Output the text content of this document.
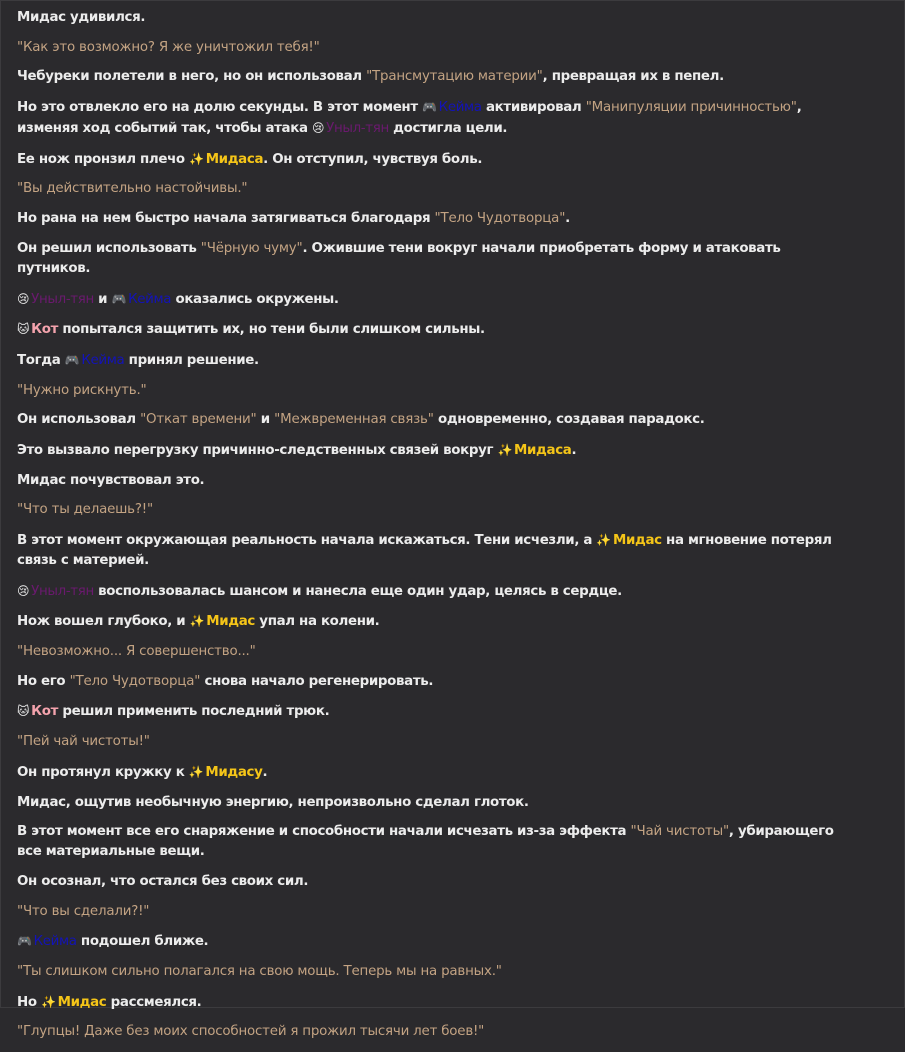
Мидас удивился.

"Как это возможно? Я же уничтожил тебя!"

Чебуреки полетели в него, но он использовал "Трансмутацию материи", превращая их в пепел.

Но это отвлекло его на долю секунды. В этот момент 🎮 Кейма активировал "Манипуляции причинностью", изменяя ход событий так, чтобы атака 😢 Уныл-тян достигла цели.

Ее нож пронзил плечо ✨ Мидаса. Он отступил, чувствуя боль.

"Вы действительно настойчивы."

Но рана на нем быстро начала затягиваться благодаря "Тело Чудотворца".

Он решил использовать "Чёрную чуму". Ожившие тени вокруг начали приобретать форму и атаковать путников.

😢 Уныл-тян и 🎮 Кейма оказались окружены.

🐱 Кот попытался защитить их, но тени были слишком сильны.

Тогда 🎮 Кейма принял решение.

"Нужно рискнуть."

Он использовал "Откат времени" и "Межвременная связь" одновременно, создавая парадокс.

Это вызвало перегрузку причинно-следственных связей вокруг ✨ Мидаса.

Мидас почувствовал это.

"Что ты делаешь?!"

В этот момент окружающая реальность начала искажаться. Тени исчезли, а ✨ Мидас на мгновение потерял связь с материей.

😢 Уныл-тян воспользовалась шансом и нанесла еще один удар, целясь в сердце.

Нож вошел глубоко, и ✨ Мидас упал на колени.

"Невозможно... Я совершенство..."

Но его "Тело Чудотворца" снова начало регенерировать.

🐱 Кот решил применить последний трюк.

"Пей чай чистоты!"

Он протянул кружку к ✨ Мидасу.

Мидас, ощутив необычную энергию, непроизвольно сделал глоток.

В этот момент все его снаряжение и способности начали исчезать из-за эффекта "Чай чистоты", убирающего все материальные вещи.

Он осознал, что остался без своих сил.

"Что вы сделали?!"

🎮 Кейма подошел ближе.

"Ты слишком сильно полагался на свою мощь. Теперь мы на равных."

Но ✨ Мидас рассмеялся.

"Глупцы! Даже без моих способностей я прожил тысячи лет боев!"
